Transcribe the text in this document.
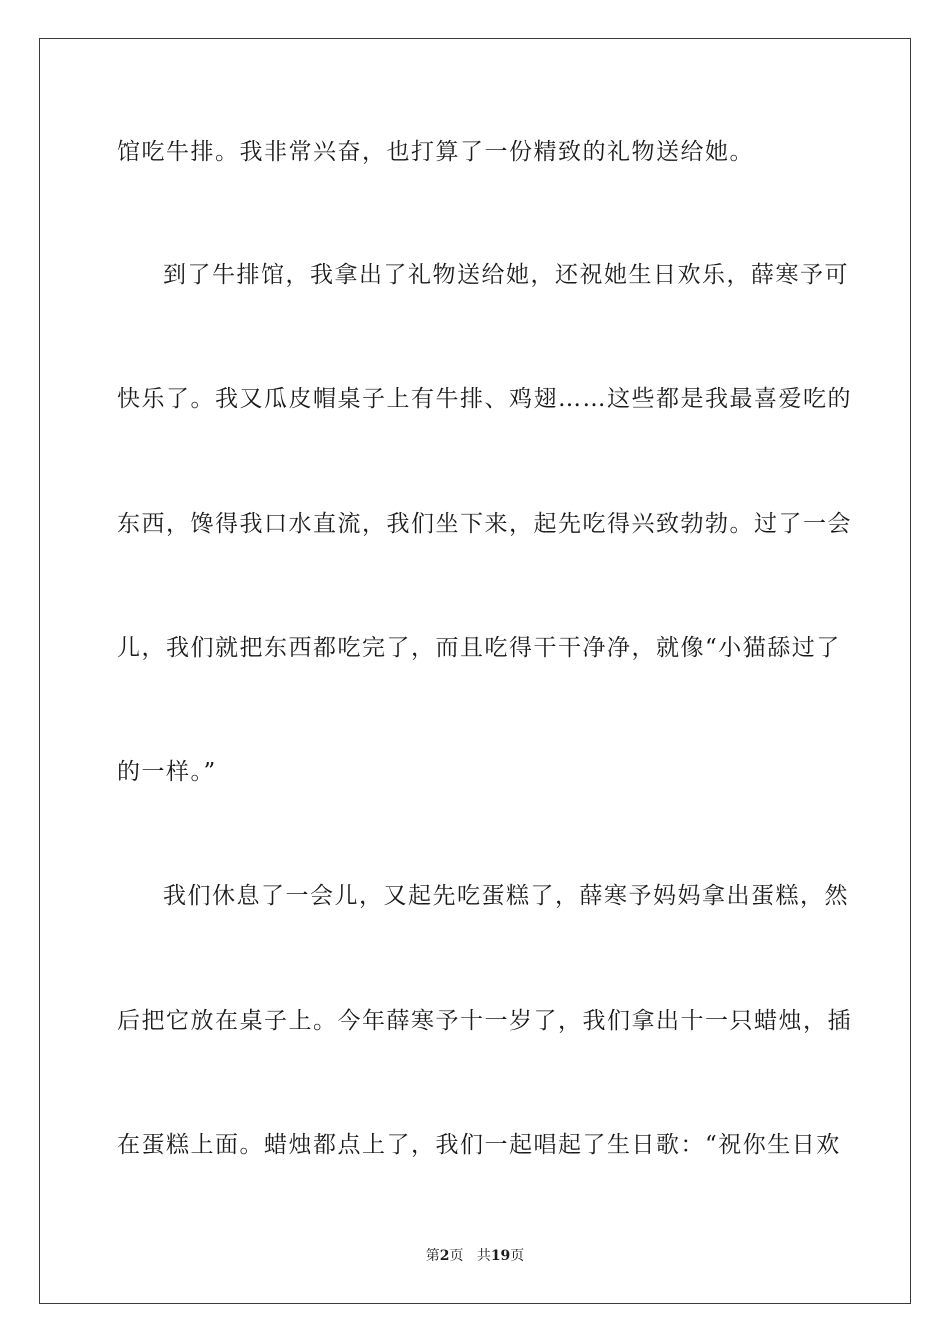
馆吃牛排。我非常兴奋，也打算了一份精致的礼物送给她。
到了牛排馆，我拿出了礼物送给她，还祝她生日欢乐，薛寒予可
快乐了。我又瓜皮帽桌子上有牛排、鸡翅……这些都是我最喜爱吃的
东西，馋得我口水直流，我们坐下来，起先吃得兴致勃勃。过了一会
儿，我们就把东西都吃完了，而且吃得干干净净，就像“小猫舔过了
的一样。”
我们休息了一会儿，又起先吃蛋糕了，薛寒予妈妈拿出蛋糕，然
后把它放在桌子上。今年薛寒予十一岁了，我们拿出十一只蜡烛，插
在蛋糕上面。蜡烛都点上了，我们一起唱起了生日歌：“祝你生日欢
第2页 共19页
